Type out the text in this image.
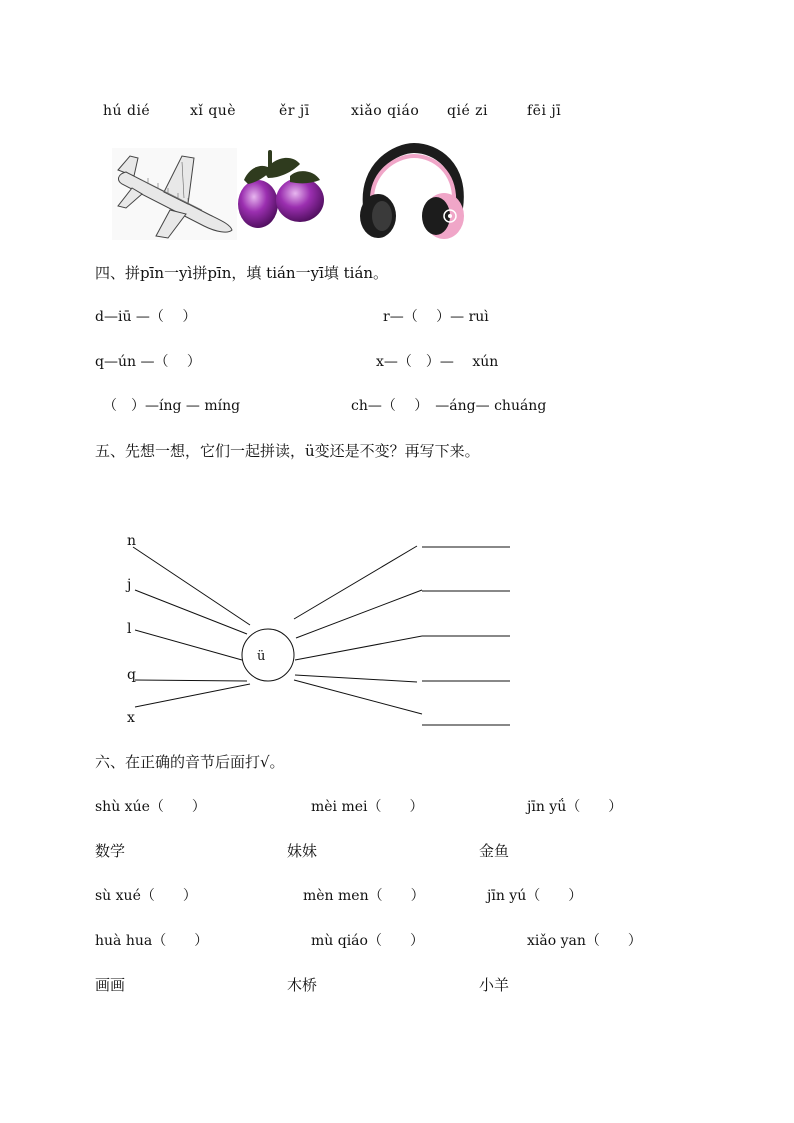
hú dié	xǐ què	ěr jī	xiǎo qiáo qié zi	fēi jī
四、拼pīn一yì拼pīn，填 tián一yī填 tián。
d—iū —（　 ）	r—（　 ）— ruì
q—ún —（　 ）	x—（　）—　 xún
（　）—íng — míng	ch—（　 ）　—áng— chuáng
五、先想一想，它们一起拼读，ü变还是不变？再写下来。
n
j
l
q
x
ü
六、在正确的音节后面打√。
shù xúe（　　）	mèi mei（　　）	jīn yǘ（　　）
数学	妹妹	金鱼
sù xué（　　）	mèn men（　　）	jīn yú（　　）
huà hua（　　）	mù qiáo（　　）	xiǎo yan（　　）
画画	木桥	小羊
